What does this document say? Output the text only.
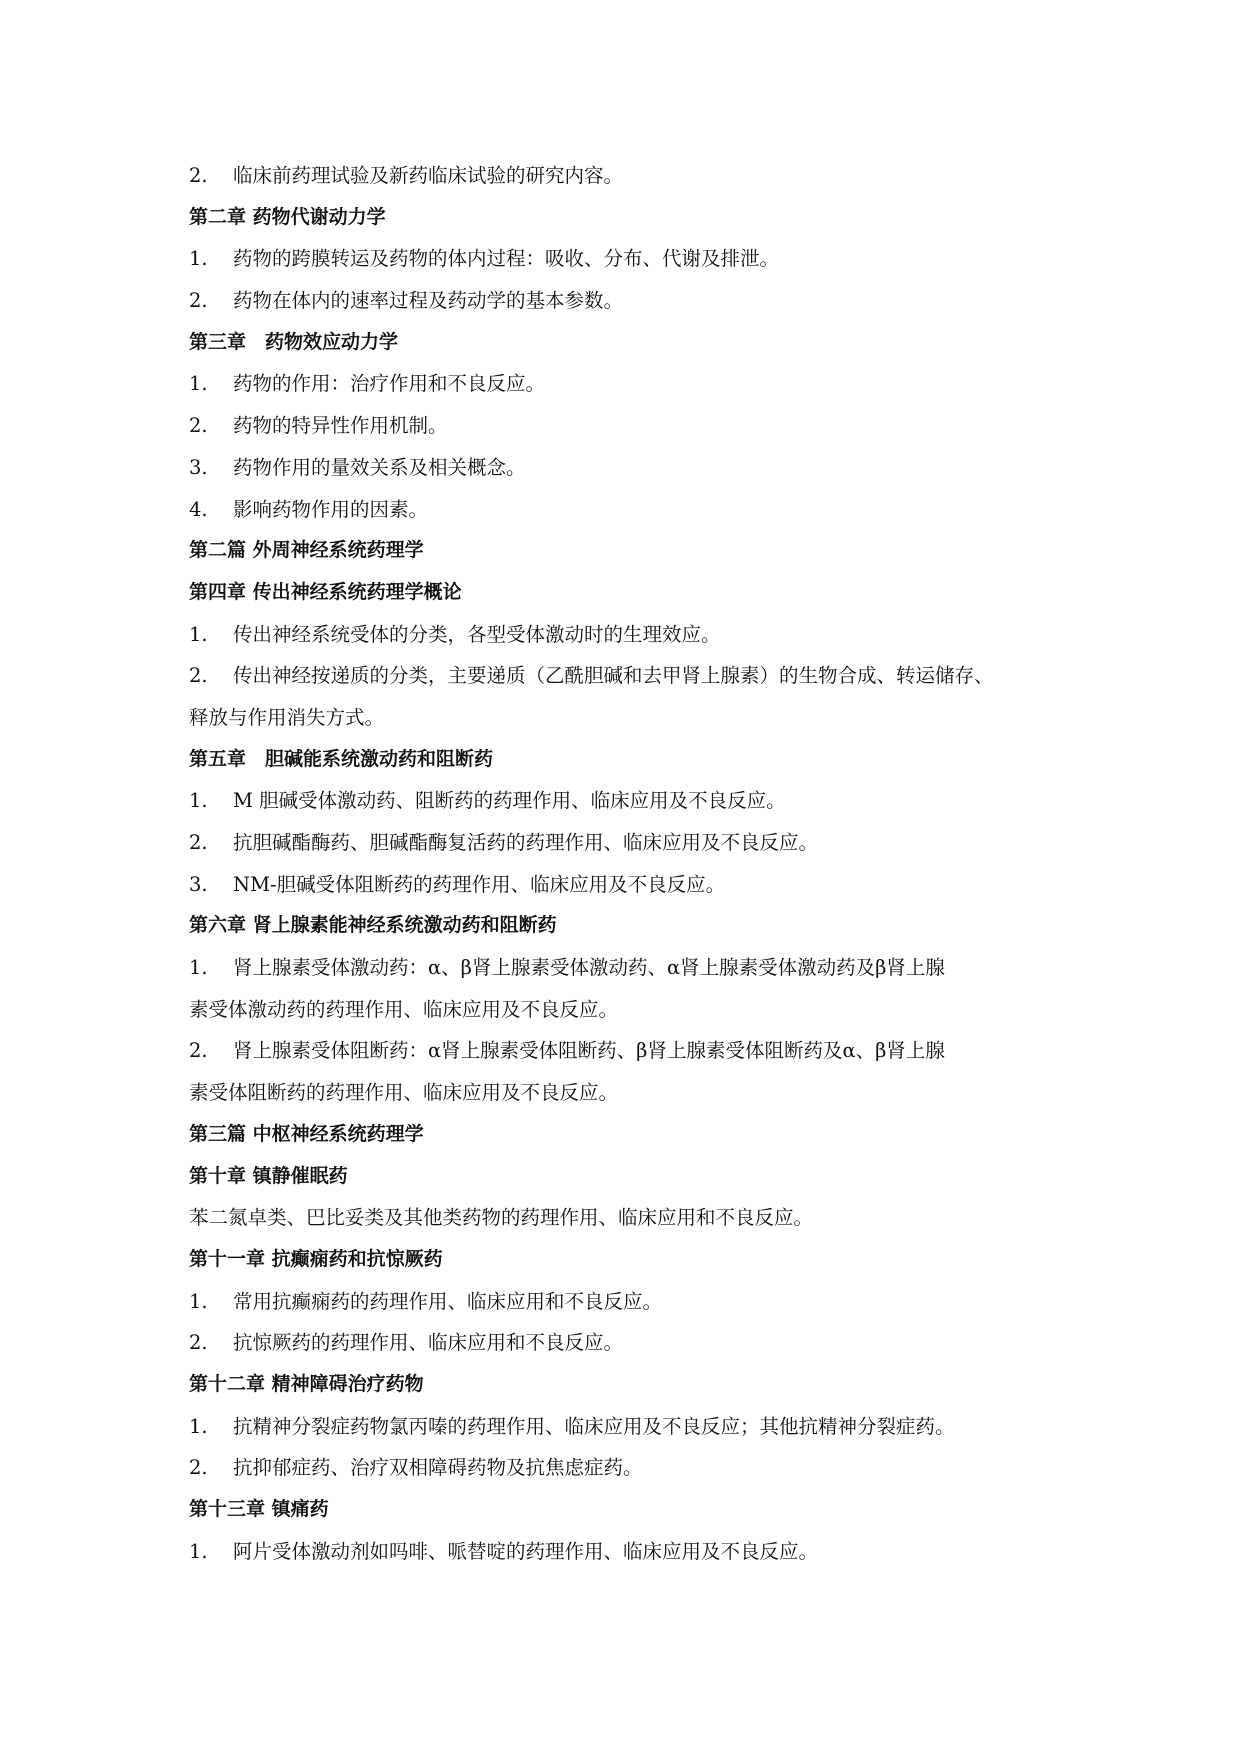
2. 临床前药理试验及新药临床试验的研究内容。
第二章 药物代谢动力学
1. 药物的跨膜转运及药物的体内过程：吸收、分布、代谢及排泄。
2. 药物在体内的速率过程及药动学的基本参数。
第三章　药物效应动力学
1. 药物的作用：治疗作用和不良反应。
2. 药物的特异性作用机制。
3. 药物作用的量效关系及相关概念。
4. 影响药物作用的因素。
第二篇 外周神经系统药理学
第四章 传出神经系统药理学概论
1. 传出神经系统受体的分类，各型受体激动时的生理效应。
2. 传出神经按递质的分类，主要递质（乙酰胆碱和去甲肾上腺素）的生物合成、转运储存、
释放与作用消失方式。
第五章　胆碱能系统激动药和阻断药
1. M 胆碱受体激动药、阻断药的药理作用、临床应用及不良反应。
2. 抗胆碱酯酶药、胆碱酯酶复活药的药理作用、临床应用及不良反应。
3. NM-胆碱受体阻断药的药理作用、临床应用及不良反应。
第六章 肾上腺素能神经系统激动药和阻断药
1. 肾上腺素受体激动药：α、β肾上腺素受体激动药、α肾上腺素受体激动药及β肾上腺
素受体激动药的药理作用、临床应用及不良反应。
2. 肾上腺素受体阻断药：α肾上腺素受体阻断药、β肾上腺素受体阻断药及α、β肾上腺
素受体阻断药的药理作用、临床应用及不良反应。
第三篇 中枢神经系统药理学
第十章 镇静催眠药
苯二氮卓类、巴比妥类及其他类药物的药理作用、临床应用和不良反应。
第十一章 抗癫痫药和抗惊厥药
1. 常用抗癫痫药的药理作用、临床应用和不良反应。
2. 抗惊厥药的药理作用、临床应用和不良反应。
第十二章 精神障碍治疗药物
1. 抗精神分裂症药物氯丙嗪的药理作用、临床应用及不良反应；其他抗精神分裂症药。
2. 抗抑郁症药、治疗双相障碍药物及抗焦虑症药。
第十三章 镇痛药
1. 阿片受体激动剂如吗啡、哌替啶的药理作用、临床应用及不良反应。
